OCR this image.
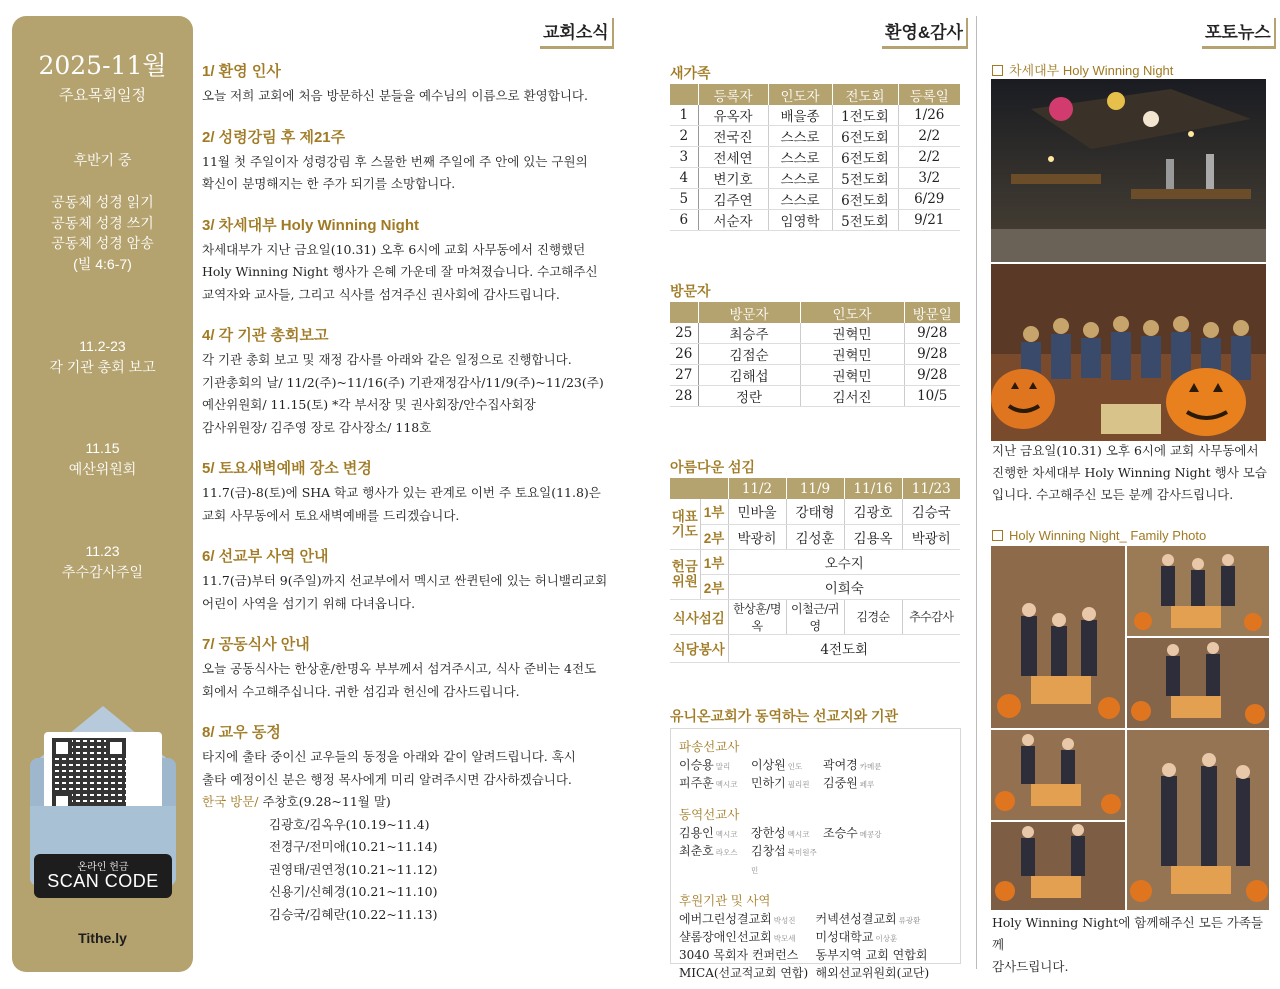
2025-11월
주요목회일정
후반기 중
공동체 성경 읽기
공동체 성경 쓰기
공동체 성경 암송
(빌 4:6-7)
11.2-23
각 기관 총회 보고
11.15
예산위원회
11.23
추수감사주일
온라인 헌금
SCAN CODE
Tithe.ly
교회소식	환영&감사	포토뉴스
1/ 환영 인사
오늘 저희 교회에 처음 방문하신 분들을 예수님의 이름으로 환영합니다.
2/ 성령강림 후 제21주
11월 첫 주일이자 성령강림 후 스물한 번째 주일에 주 안에 있는 구원의
확신이 분명해지는 한 주가 되기를 소망합니다.
3/ 차세대부 Holy Winning Night
차세대부가 지난 금요일(10.31) 오후 6시에 교회 사무동에서 진행했던
Holy Winning Night 행사가 은혜 가운데 잘 마쳐졌습니다. 수고해주신
교역자와 교사들, 그리고 식사를 섬겨주신 권사회에 감사드립니다.
4/ 각 기관 총회보고
각 기관 총회 보고 및 재정 감사를 아래와 같은 일정으로 진행합니다.
기관총회의 날/ 11/2(주)~11/16(주) 기관재정감사/11/9(주)~11/23(주)
예산위원회/ 11.15(토) *각 부서장 및 권사회장/안수집사회장
감사위원장/ 김주영 장로 감사장소/ 118호
5/ 토요새벽예배 장소 변경
11.7(금)-8(토)에 SHA 학교 행사가 있는 관계로 이번 주 토요일(11.8)은
교회 사무동에서 토요새벽예배를 드리겠습니다.
6/ 선교부 사역 안내
11.7(금)부터 9(주일)까지 선교부에서 멕시코 싼퀸틴에 있는 허니밸리교회
어린이 사역을 섬기기 위해 다녀옵니다.
7/ 공동식사 안내
오늘 공동식사는 한상훈/한명옥 부부께서 섬겨주시고, 식사 준비는 4전도
회에서 수고해주십니다. 귀한 섬김과 헌신에 감사드립니다.
8/ 교우 동정
타지에 출타 중이신 교우들의 동정을 아래와 같이 알려드립니다. 혹시
출타 예정이신 분은 행정 목사에게 미리 알려주시면 감사하겠습니다.
한국 방문/ 주창호(9.28~11월 말)
김광호/김옥우(10.19~11.4)
전경구/전미애(10.21~11.14)
권영태/권연정(10.21~11.12)
신용기/신혜경(10.21~11.10)
김승국/김혜란(10.22~11.13)
새가족
	등록자	인도자	전도회	등록일
1	유옥자	배을종	1전도회	1/26
2	전국진	스스로	6전도회	2/2
3	전세연	스스로	6전도회	2/2
4	변기호	스스로	5전도회	3/2
5	김주연	스스로	6전도회	6/29
6	서순자	임영학	5전도회	9/21
방문자
	방문자	인도자	방문일
25	최승주	권혁민	9/28
26	김점순	권혁민	9/28
27	김해섭	권혁민	9/28
28	정란	김서진	10/5
아름다운 섬김
		11/2	11/9	11/16	11/23
대표기도	1부	민바울	강태형	김광호	김승국
	2부	박광히	김성훈	김용옥	박광히
헌금위원	1부	오수지			
	2부	이희숙			
식사섬김		한상훈/명옥	이철근/귀영	김경순	추수감사
식당봉사		4전도회			
유니온교회가 동역하는 선교지와 기관
파송선교사
이승용 말리	이상원 인도	곽여경 카메룬
피주훈 멕시코	민하기 필리핀	김중원 페루
동역선교사
김용인 멕시코	장한성 멕시코	조승수 메콩강
최춘호 라오스	김창섭 북미원주민
후원기관 및 사역
에버그린성결교회 박성진	커넥션성결교회 류광환
샬롬장애인선교회 박모세	미성대학교 이상훈
3040 목회자 컨퍼런스	동부지역 교회 연합회
MICA(선교적교회 연합) 해외선교위원회(교단)
차세대부 Holy Winning Night
지난 금요일(10.31) 오후 6시에 교회 사무동에서
진행한 차세대부 Holy Winning Night 행사 모습
입니다. 수고해주신 모든 분께 감사드립니다.
Holy Winning Night_ Family Photo
Holy Winning Night에 함께해주신 모든 가족들께
감사드립니다.
